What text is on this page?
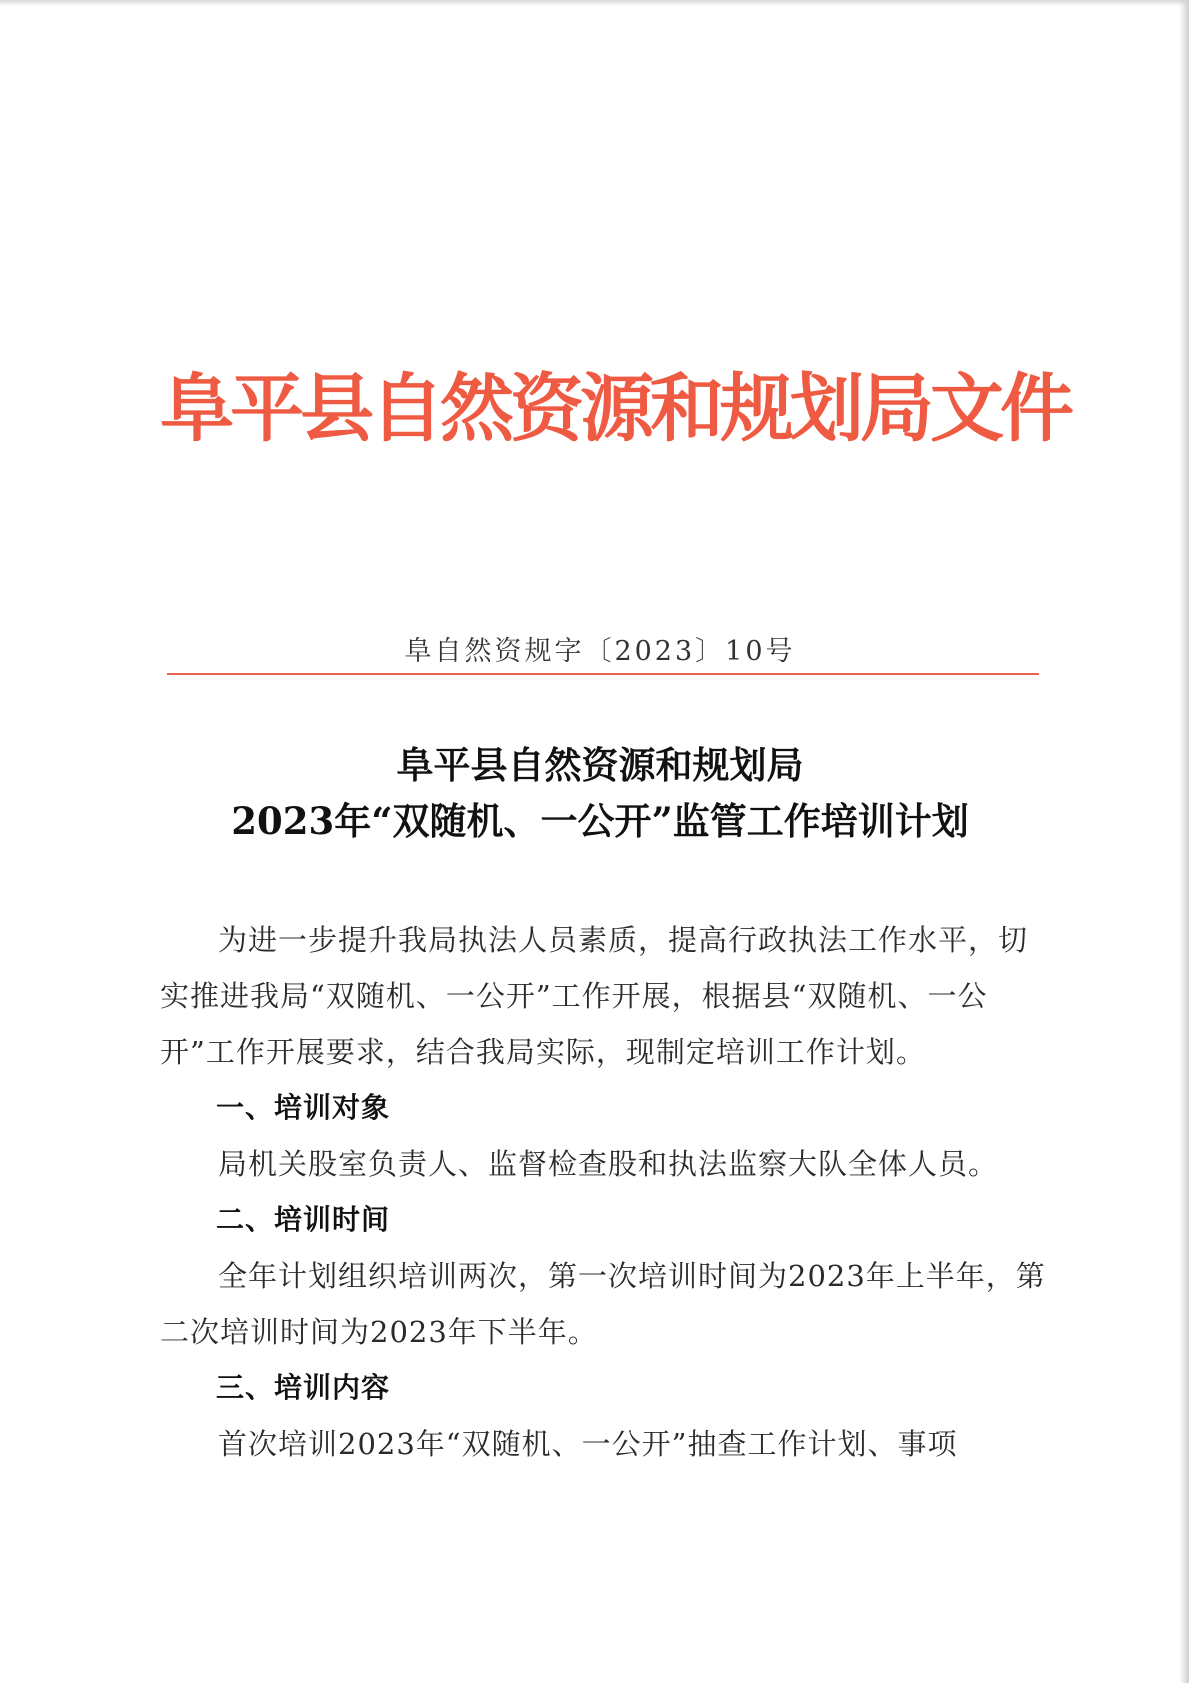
阜平县自然资源和规划局文件
阜自然资规字〔2023〕10号
阜平县自然资源和规划局
2023年“双随机、一公开”监管工作培训计划

为进一步提升我局执法人员素质，提高行政执法工作水平，切实推进我局“双随机、一公开”工作开展，根据县“双随机、一公开”工作开展要求，结合我局实际，现制定培训工作计划。

一、培训对象

局机关股室负责人、监督检查股和执法监察大队全体人员。

二、培训时间

全年计划组织培训两次，第一次培训时间为2023年上半年，第二次培训时间为2023年下半年。

三、培训内容

首次培训2023年“双随机、一公开”抽查工作计划、事项
